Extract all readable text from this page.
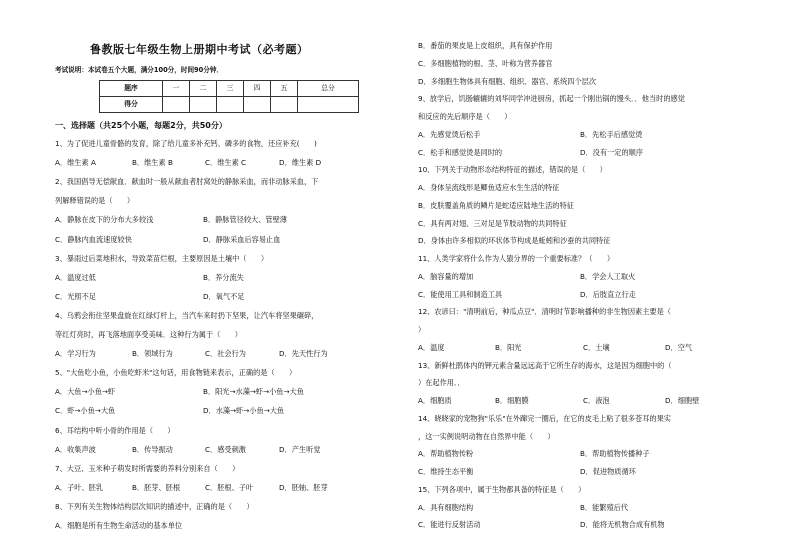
鲁教版七年级生物上册期中考试（必考题）
考试说明：本试卷五个大题，满分100分，时间90分钟．
题序	一	二	三	四	五	总分
得分						
一、选择题（共25个小题，每题2分，共50分）
1、为了促进儿童骨骼的发育，除了给儿童多补充钙、磷多的食物，还应补充(　　)
A．维生素 A	B．维生素 B	C．维生素 C	D．维生素 D
2、我国倡导无偿献血．献血时一般从献血者肘窝处的静脉采血，而非动脉采血，下
列解释错误的是（　　）
A．静脉在皮下的分布大多较浅	B．静脉管径较大、管壁薄
C．静脉内血流速度较快	D．静脉采血后容易止血
3、暴雨过后菜地积水，导致菜苗烂根，主要原因是土壤中（　　）
A．温度过低	B．养分流失
C．光照不足	D．氧气不足
4、乌鸦会衔住坚果盘旋在红绿灯杆上，当汽车来时扔下坚果，让汽车将坚果碾碎，
等红灯亮时，再飞落地面享受美味．这种行为属于（　　）
A．学习行为	B．领域行为	C．社会行为	D．先天性行为
5、"大鱼吃小鱼，小鱼吃虾米"这句话，用食物链来表示，正确的是（　　）
A．大鱼→小鱼→虾	B．阳光→水藻→虾→小鱼→大鱼
C．虾→小鱼→大鱼	D．水藻→虾→小鱼→大鱼
6、耳结构中听小骨的作用是（　　）
A．收集声波	B．传导振动	C．感受刺激	D．产生听觉
7、大豆、玉米种子萌发时所需要的养料分别来自（　　）
A．子叶、胚乳	B．胚芽、胚根	C．胚根、子叶	D．胚轴、胚芽
8、下列有关生物体结构层次知识的描述中，正确的是（　　）
A．细胞是所有生物生命活动的基本单位
B．番茄的果皮是上皮组织，具有保护作用
C．多细胞植物的根、茎、叶称为营养器官
D．多细胞生物体具有细胞、组织、器官、系统四个层次
9、放学后，饥肠辘辘的刘华同学冲进厨房，抓起一个刚出锅的馒头．．他当时的感觉
和反应的先后顺序是（　　）
A．先感觉烫后松手	B．先松手后感觉烫
C．松手和感觉烫是同时的	D．没有一定的顺序
10、下列关于动物形态结构特征的描述，错误的是（　　）
A．身体呈流线形是鲫鱼适应水生生活的特征
B．皮肤覆盖角质的鳞片是蛇适应陆地生活的特征
C．具有两对翅、三对足是节肢动物的共同特征
D．身体由许多相似的环状体节构成是蚯蚓和沙蚕的共同特征
11、人类学家将什么作为人猿分界的一个重要标准？（　　）
A．脑容量的增加	B．学会人工取火
C．能使用工具和制造工具	D．后肢直立行走
12、农谚曰："清明前后，种瓜点豆"．清明时节影响播种的非生物因素主要是（
）
A．温度	B．阳光	C．土壤	D．空气
13、新鲜杜鹃体内的钾元素含量远远高于它所生存的海水，这是因为细胞中的（
）在起作用．．
A．细胞质	B．细胞膜	C．液泡	D．细胞壁
14、晓晓家的宠物狗"乐乐"在外蹿完一圈后，在它的皮毛上粘了很多苍耳的果实
，这一实例说明动物在自然界中能（　　）
A．帮助植物传粉	B．帮助植物传播种子
C．维持生态平衡	D．促进物质循环
15、下列各项中，属于生物都具备的特征是（　　）
A．具有细胞结构	B．能繁殖后代
C．能进行反射活动	D．能将无机物合成有机物
